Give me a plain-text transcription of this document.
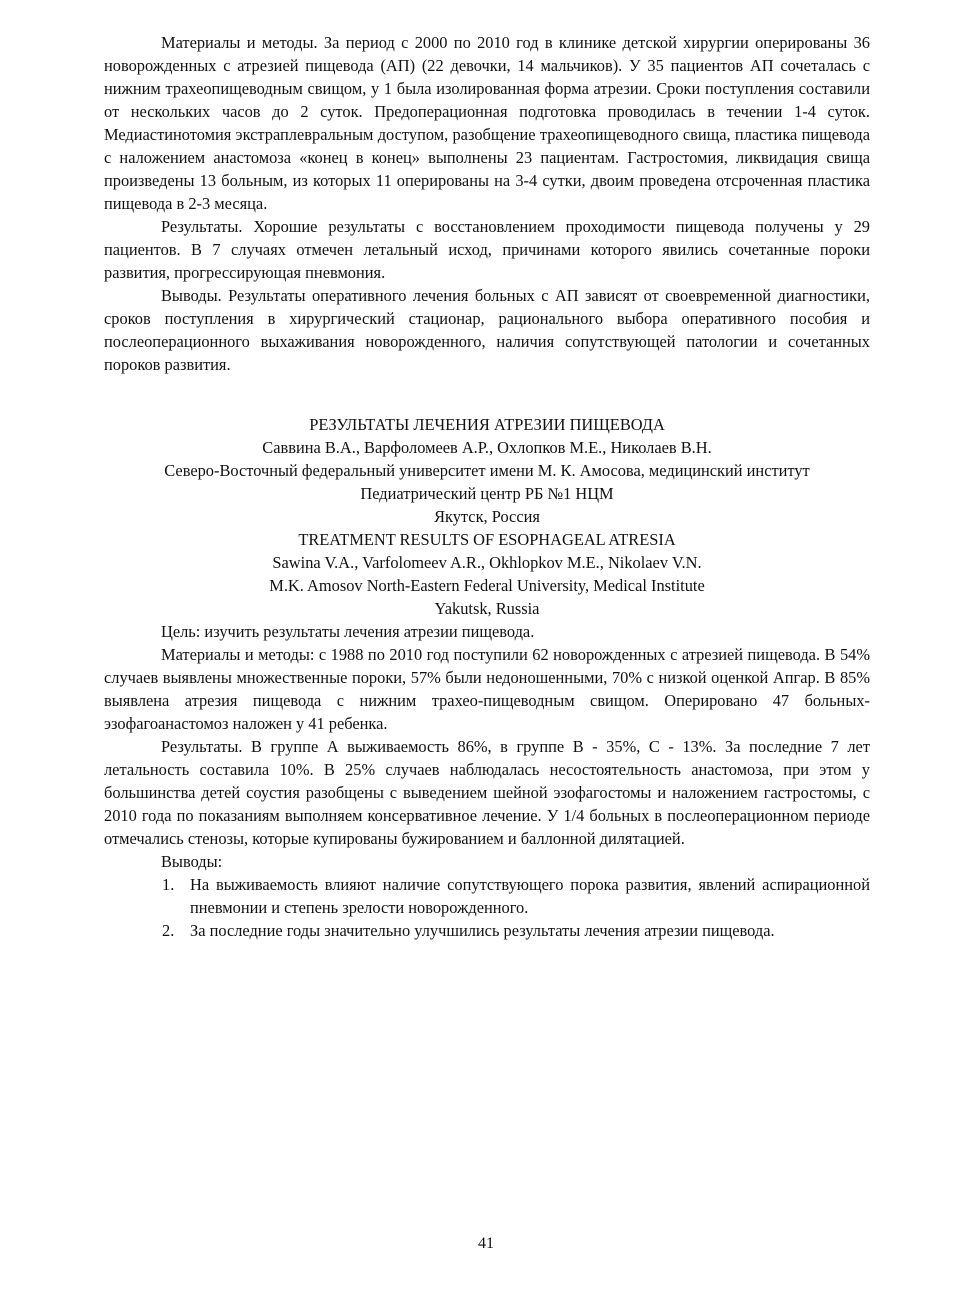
Материалы и методы. За период с 2000 по 2010 год в клинике детской хирургии оперированы 36 новорожденных с атрезией пищевода (АП) (22 девочки, 14 мальчиков). У 35 пациентов АП сочеталась с нижним трахеопищеводным свищом, у 1 была изолированная форма атрезии. Сроки поступления составили от нескольких часов до 2 суток. Предоперационная подготовка проводилась в течении 1-4 суток. Медиастинотомия экстраплевральным доступом, разобщение трахеопищеводного свища, пластика пищевода с наложением анастомоза «конец в конец» выполнены 23 пациентам. Гастростомия, ликвидация свища произведены 13 больным, из которых 11 оперированы на 3-4 сутки, двоим проведена отсроченная пластика пищевода в 2-3 месяца.

Результаты. Хорошие результаты с восстановлением проходимости пищевода получены у 29 пациентов. В 7 случаях отмечен летальный исход, причинами которого явились сочетанные пороки развития, прогрессирующая пневмония.

Выводы. Результаты оперативного лечения больных с АП зависят от своевременной диагностики, сроков поступления в хирургический стационар, рационального выбора оперативного пособия и послеоперационного выхаживания новорожденного, наличия сопутствующей патологии и сочетанных пороков развития.

РЕЗУЛЬТАТЫ ЛЕЧЕНИЯ АТРЕЗИИ ПИЩЕВОДА

Саввина В.А., Варфоломеев А.Р., Охлопков М.Е., Николаев В.Н.

Северо-Восточный федеральный университет имени М. К. Амосова, медицинский институт

Педиатрический центр РБ №1 НЦМ

Якутск, Россия

TREATMENT RESULTS OF ESOPHAGEAL ATRESIA

Sawina V.A., Varfolomeev A.R., Okhlopkov M.E., Nikolaev V.N.

M.K. Amosov North-Eastern Federal University, Medical Institute

Yakutsk, Russia

Цель: изучить результаты лечения атрезии пищевода.

Материалы и методы: с 1988 по 2010 год поступили 62 новорожденных с атрезией пищевода. В 54% случаев выявлены множественные пороки, 57% были недоношенными, 70% с низкой оценкой Апгар. В 85% выявлена атрезия пищевода с нижним трахео-пищеводным свищом. Оперировано 47 больных- эзофагоанастомоз наложен у 41 ребенка.

Результаты. В группе А выживаемость 86%, в группе В - 35%, С - 13%. За последние 7 лет летальность составила 10%. В 25% случаев наблюдалась несостоятельность анастомоза, при этом у большинства детей соустия разобщены с выведением шейной эзофагостомы и наложением гастростомы, с 2010 года по показаниям выполняем консервативное лечение. У 1/4 больных в послеоперационном периоде отмечались стенозы, которые купированы бужированием и баллонной дилятацией.

Выводы:

1. На выживаемость влияют наличие сопутствующего порока развития, явлений аспирационной пневмонии и степень зрелости новорожденного.
2. За последние годы значительно улучшились результаты лечения атрезии пищевода.
41
